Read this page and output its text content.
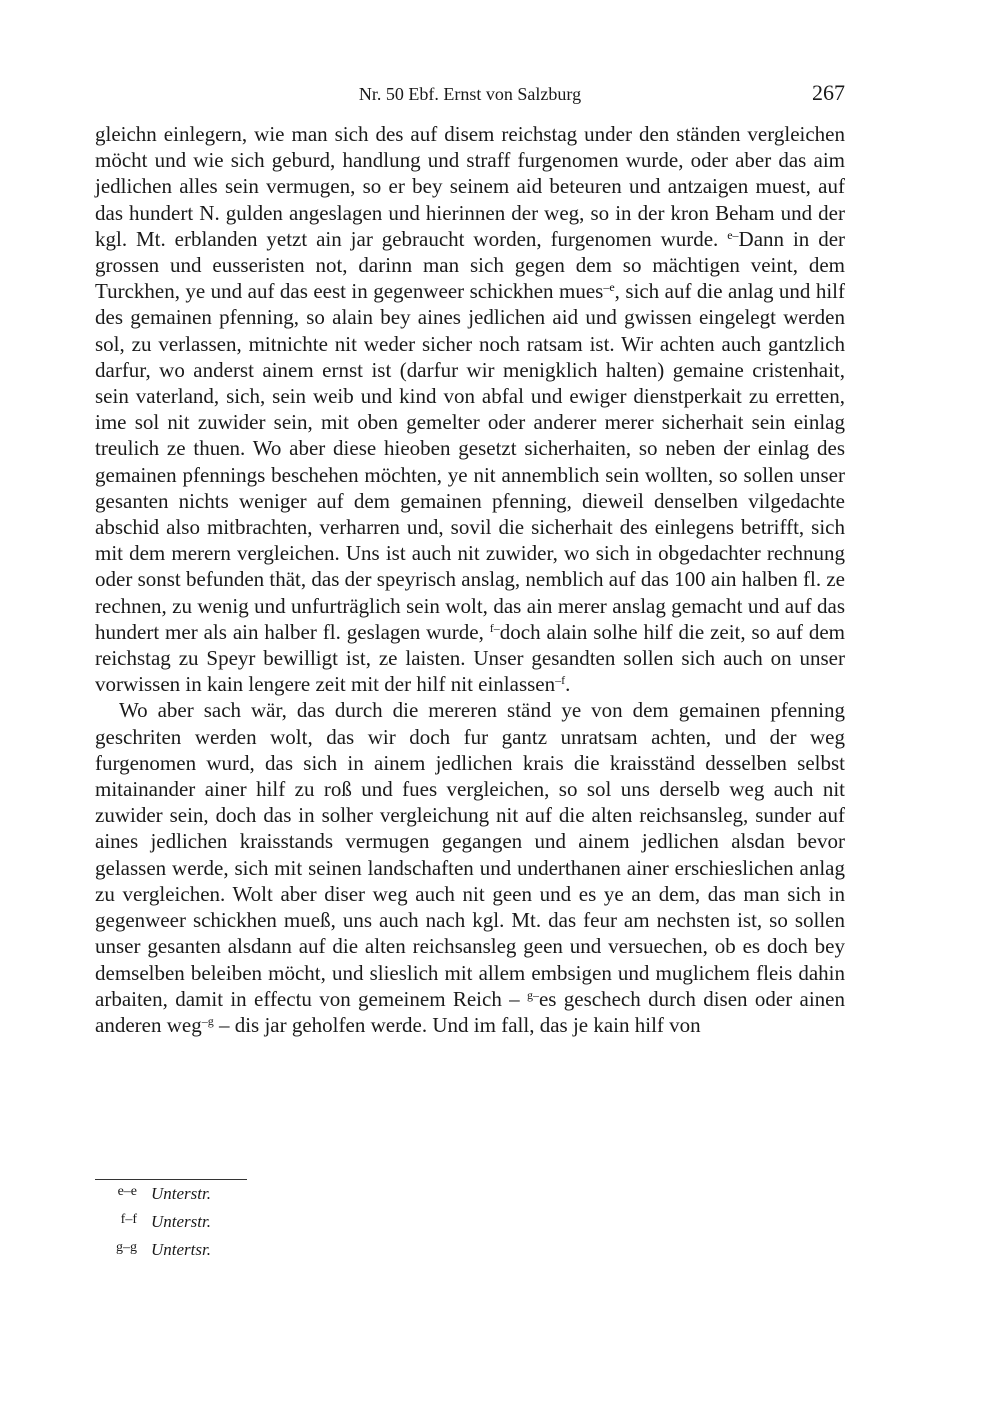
Nr. 50 Ebf. Ernst von Salzburg	267

gleichn einlegern, wie man sich des auf disem reichstag under den ständen vergleichen möcht und wie sich geburd, handlung und straff furgenomen wurde, oder aber das aim jedlichen alles sein vermugen, so er bey seinem aid beteuren und antzaigen muest, auf das hundert N. gulden angeslagen und hierinnen der weg, so in der kron Beham und der kgl. Mt. erblanden yetzt ain jar gebraucht worden, furgenomen wurde. $^{e-}$Dann in der grossen und eusseristen not, darinn man sich gegen dem so mächtigen veint, dem Turckhen, ye und auf das eest in gegenweer schickhen mues$^{-e}$, sich auf die anlag und hilf des gemainen pfenning, so alain bey aines jedlichen aid und gwissen eingelegt werden sol, zu verlassen, mitnichte nit weder sicher noch ratsam ist. Wir achten auch gantzlich darfur, wo anderst ainem ernst ist (darfur wir menigklich halten) gemaine cristenhait, sein vaterland, sich, sein weib und kind von abfal und ewiger dienstperkait zu erretten, ime sol nit zuwider sein, mit oben gemelter oder anderer merer sicherhait sein einlag treulich ze thuen. Wo aber diese hieoben gesetzt sicherhaiten, so neben der einlag des gemainen pfennings beschehen möchten, ye nit annemblich sein wollten, so sollen unser gesanten nichts weniger auf dem gemainen pfenning, dieweil denselben vilgedachte abschid also mitbrachten, verharren und, sovil die sicherhait des einlegens betrifft, sich mit dem merern vergleichen. Uns ist auch nit zuwider, wo sich in obgedachter rechnung oder sonst befunden thät, das der speyrisch anslag, nemblich auf das 100 ain halben fl. ze rechnen, zu wenig und unfurträglich sein wolt, das ain merer anslag gemacht und auf das hundert mer als ain halber fl. geslagen wurde, $^{f-}$doch alain solhe hilf die zeit, so auf dem reichstag zu Speyr bewilligt ist, ze laisten. Unser gesandten sollen sich auch on unser vorwissen in kain lengere zeit mit der hilf nit einlassen$^{-f}$.

Wo aber sach wär, das durch die mereren ständ ye von dem gemainen pfenning geschriten werden wolt, das wir doch fur gantz unratsam achten, und der weg furgenomen wurd, das sich in ainem jedlichen krais die kraisständ desselben selbst mitainander ainer hilf zu roß und fues vergleichen, so sol uns derselb weg auch nit zuwider sein, doch das in solher vergleichung nit auf die alten reichsansleg, sunder auf aines jedlichen kraisstands vermugen gegangen und ainem jedlichen alsdan bevor gelassen werde, sich mit seinen landschaften und underthanen ainer erschieslichen anlag zu vergleichen. Wolt aber diser weg auch nit geen und es ye an dem, das man sich in gegenweer schickhen mueß, uns auch nach kgl. Mt. das feur am nechsten ist, so sollen unser gesanten alsdann auf die alten reichsansleg geen und versuechen, ob es doch bey demselben beleiben möcht, und slieslich mit allem embsigen und muglichem fleis dahin arbaiten, damit in effectu von gemeinem Reich – $^{g-}$es geschech durch disen oder ainen anderen weg$^{-g}$ – dis jar geholfen werde. Und im fall, das je kain hilf von

e–e Unterstr.
f–f Unterstr.
g–g Untertsr.
